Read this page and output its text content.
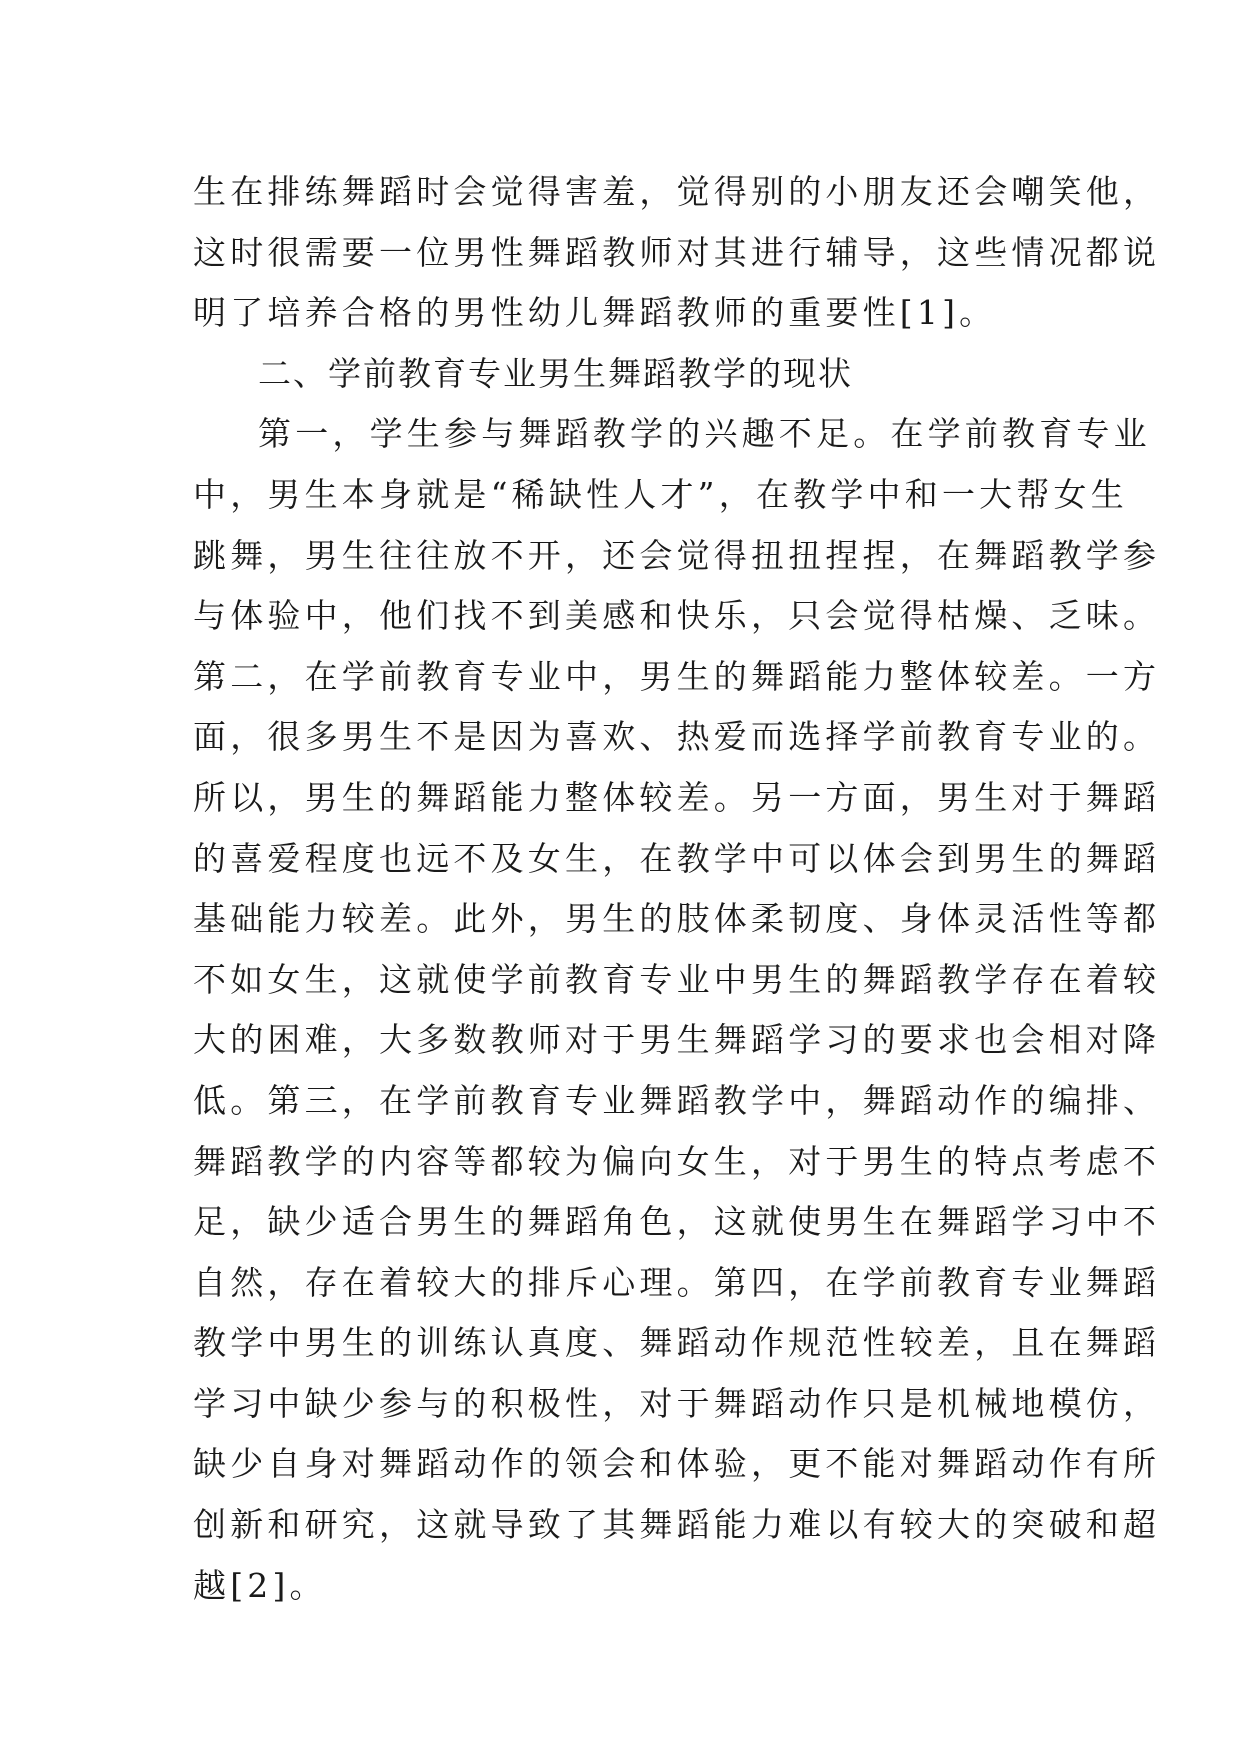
生在排练舞蹈时会觉得害羞，觉得别的小朋友还会嘲笑他，
这时很需要一位男性舞蹈教师对其进行辅导，这些情况都说
明了培养合格的男性幼儿舞蹈教师的重要性[1]。
二、学前教育专业男生舞蹈教学的现状
第一，学生参与舞蹈教学的兴趣不足。在学前教育专业
中，男生本身就是“稀缺性人才”，在教学中和一大帮女生
跳舞，男生往往放不开，还会觉得扭扭捏捏，在舞蹈教学参
与体验中，他们找不到美感和快乐，只会觉得枯燥、乏味。
第二，在学前教育专业中，男生的舞蹈能力整体较差。一方
面，很多男生不是因为喜欢、热爱而选择学前教育专业的。
所以，男生的舞蹈能力整体较差。另一方面，男生对于舞蹈
的喜爱程度也远不及女生，在教学中可以体会到男生的舞蹈
基础能力较差。此外，男生的肢体柔韧度、身体灵活性等都
不如女生，这就使学前教育专业中男生的舞蹈教学存在着较
大的困难，大多数教师对于男生舞蹈学习的要求也会相对降
低。第三，在学前教育专业舞蹈教学中，舞蹈动作的编排、
舞蹈教学的内容等都较为偏向女生，对于男生的特点考虑不
足，缺少适合男生的舞蹈角色，这就使男生在舞蹈学习中不
自然，存在着较大的排斥心理。第四，在学前教育专业舞蹈
教学中男生的训练认真度、舞蹈动作规范性较差，且在舞蹈
学习中缺少参与的积极性，对于舞蹈动作只是机械地模仿，
缺少自身对舞蹈动作的领会和体验，更不能对舞蹈动作有所
创新和研究，这就导致了其舞蹈能力难以有较大的突破和超
越[2]。
